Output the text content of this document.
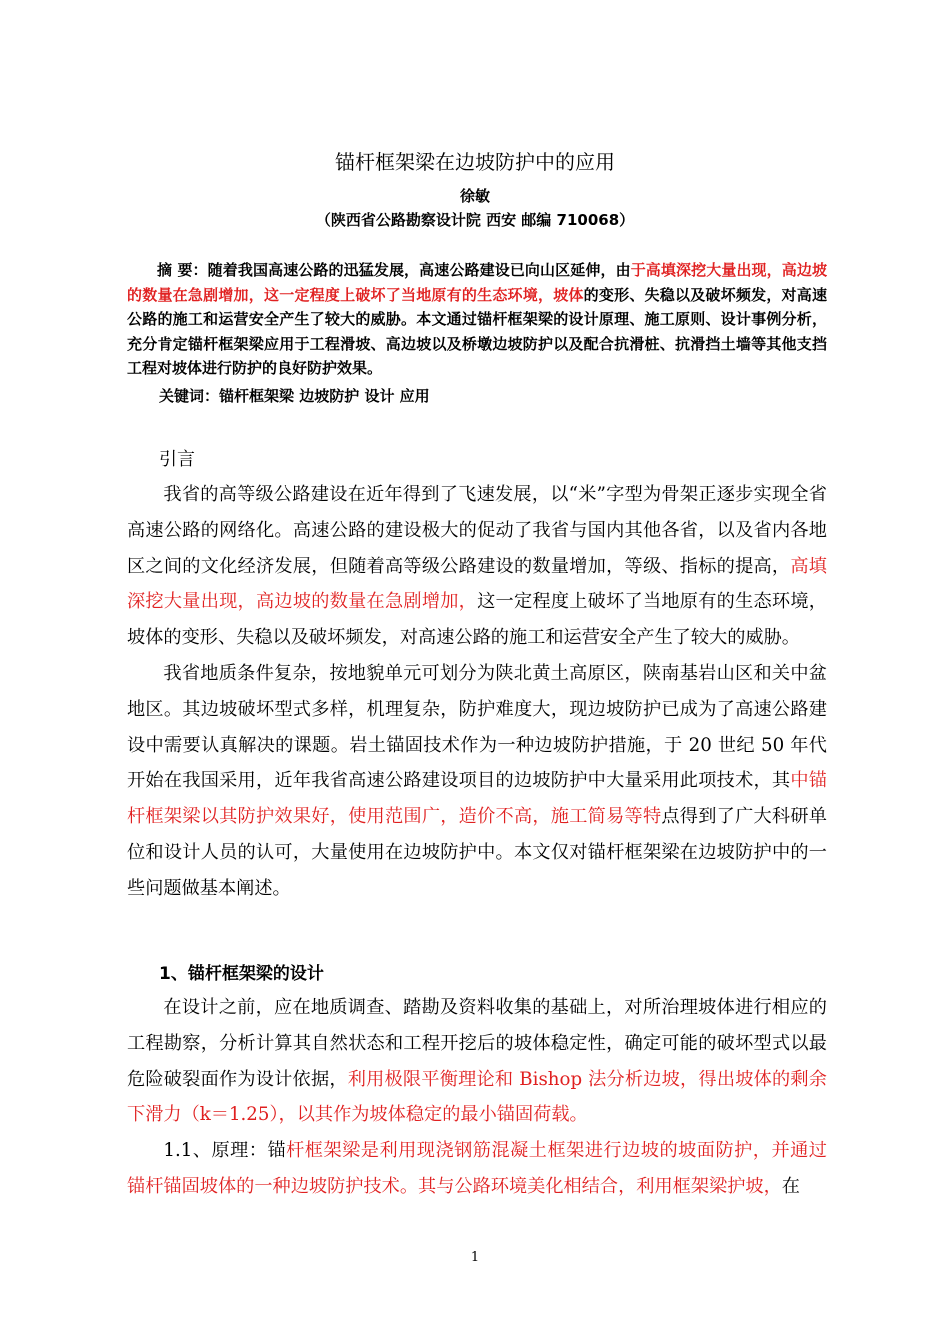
锚杆框架梁在边坡防护中的应用
徐敏
（陕西省公路勘察设计院 西安 邮编 710068）
摘 要：随着我国高速公路的迅猛发展，高速公路建设已向山区延伸，由于高填深挖大量出现，高边坡的数量在急剧增加，这一定程度上破坏了当地原有的生态环境，坡体的变形、失稳以及破坏频发，对高速公路的施工和运营安全产生了较大的威胁。本文通过锚杆框架梁的设计原理、施工原则、设计事例分析，充分肯定锚杆框架梁应用于工程滑坡、高边坡以及桥墩边坡防护以及配合抗滑桩、抗滑挡土墙等其他支挡工程对坡体进行防护的良好防护效果。
关键词：锚杆框架梁 边坡防护 设计 应用
引言

我省的高等级公路建设在近年得到了飞速发展，以“米”字型为骨架正逐步实现全省高速公路的网络化。高速公路的建设极大的促动了我省与国内其他各省，以及省内各地区之间的文化经济发展，但随着高等级公路建设的数量增加，等级、指标的提高，高填深挖大量出现，高边坡的数量在急剧增加，这一定程度上破坏了当地原有的生态环境，坡体的变形、失稳以及破坏频发，对高速公路的施工和运营安全产生了较大的威胁。

我省地质条件复杂，按地貌单元可划分为陕北黄土高原区，陕南基岩山区和关中盆地区。其边坡破坏型式多样，机理复杂，防护难度大，现边坡防护已成为了高速公路建设中需要认真解决的课题。岩土锚固技术作为一种边坡防护措施，于 20 世纪 50 年代开始在我国采用，近年我省高速公路建设项目的边坡防护中大量采用此项技术，其中锚杆框架梁以其防护效果好，使用范围广，造价不高，施工简易等特点得到了广大科研单位和设计人员的认可，大量使用在边坡防护中。本文仅对锚杆框架梁在边坡防护中的一些问题做基本阐述。

1、锚杆框架梁的设计

在设计之前，应在地质调查、踏勘及资料收集的基础上，对所治理坡体进行相应的工程勘察，分析计算其自然状态和工程开挖后的坡体稳定性，确定可能的破坏型式以最危险破裂面作为设计依据，利用极限平衡理论和 Bishop 法分析边坡，得出坡体的剩余下滑力（k＝1.25），以其作为坡体稳定的最小锚固荷载。

1.1、原理：锚杆框架梁是利用现浇钢筋混凝土框架进行边坡的坡面防护，并通过锚杆锚固坡体的一种边坡防护技术。其与公路环境美化相结合，利用框架梁护坡，在

1
